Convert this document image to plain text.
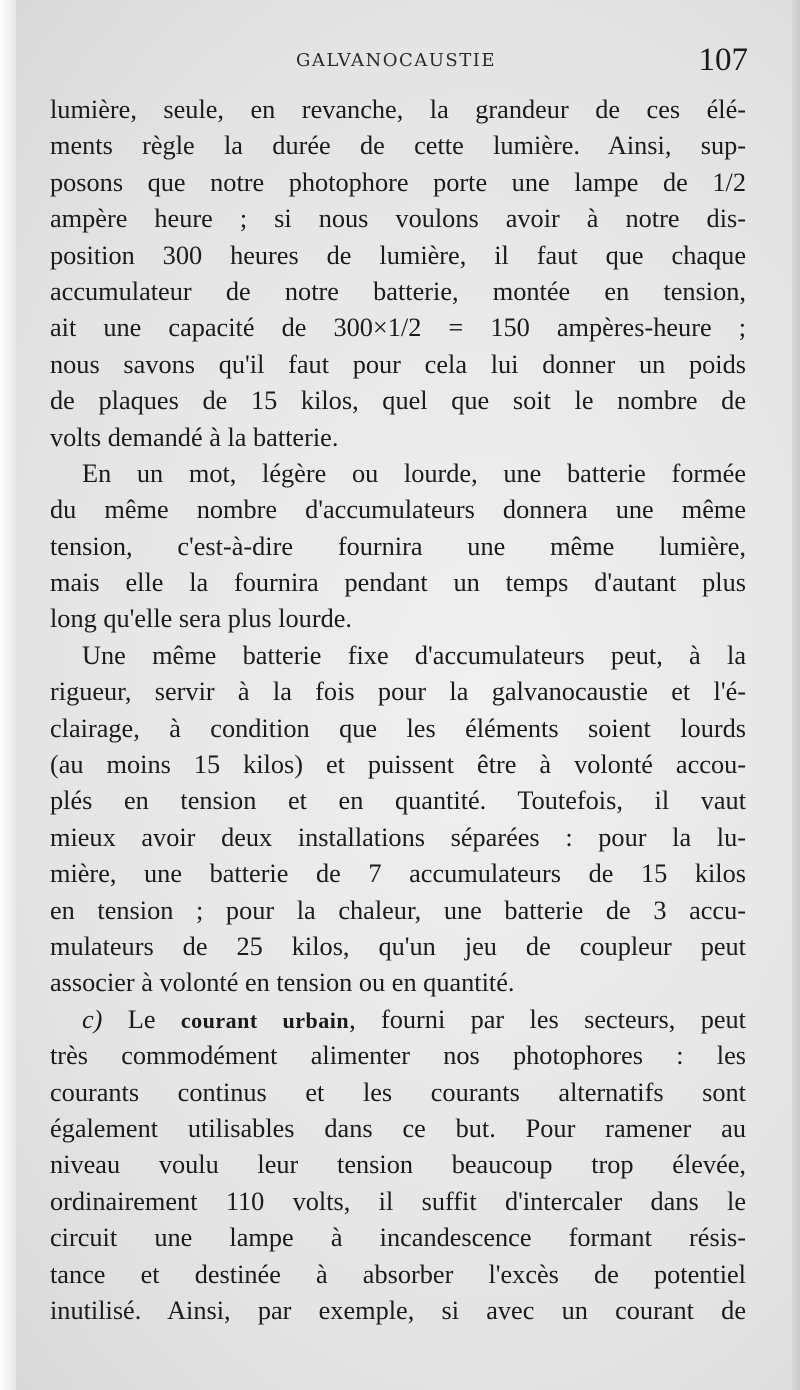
GALVANOCAUSTIE	107
lumière, seule, en revanche, la grandeur de ces élé-
ments règle la durée de cette lumière. Ainsi, sup-
posons que notre photophore porte une lampe de 1/2
ampère heure ; si nous voulons avoir à notre dis-
position 300 heures de lumière, il faut que chaque
accumulateur de notre batterie, montée en tension,
ait une capacité de 300×1/2 = 150 ampères-heure ;
nous savons qu'il faut pour cela lui donner un poids
de plaques de 15 kilos, quel que soit le nombre de
volts demandé à la batterie.
En un mot, légère ou lourde, une batterie formée
du même nombre d'accumulateurs donnera une même
tension, c'est-à-dire fournira une même lumière,
mais elle la fournira pendant un temps d'autant plus
long qu'elle sera plus lourde.
Une même batterie fixe d'accumulateurs peut, à la
rigueur, servir à la fois pour la galvanocaustie et l'é-
clairage, à condition que les éléments soient lourds
(au moins 15 kilos) et puissent être à volonté accou-
plés en tension et en quantité. Toutefois, il vaut
mieux avoir deux installations séparées : pour la lu-
mière, une batterie de 7 accumulateurs de 15 kilos
en tension ; pour la chaleur, une batterie de 3 accu-
mulateurs de 25 kilos, qu'un jeu de coupleur peut
associer à volonté en tension ou en quantité.
c) Le courant urbain, fourni par les secteurs, peut
très commodément alimenter nos photophores : les
courants continus et les courants alternatifs sont
également utilisables dans ce but. Pour ramener au
niveau voulu leur tension beaucoup trop élevée,
ordinairement 110 volts, il suffit d'intercaler dans le
circuit une lampe à incandescence formant résis-
tance et destinée à absorber l'excès de potentiel
inutilisé. Ainsi, par exemple, si avec un courant de
